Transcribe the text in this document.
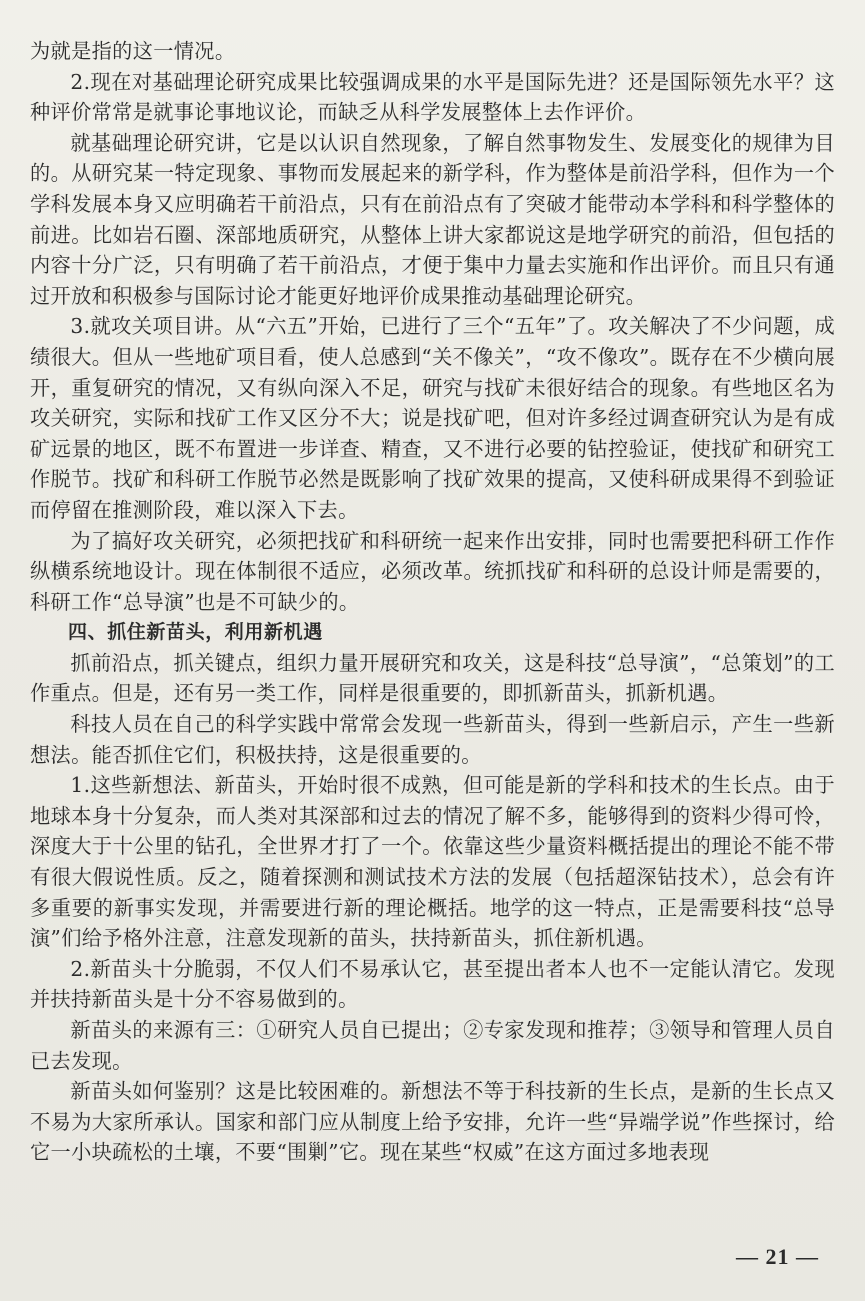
为就是指的这一情况。

2.现在对基础理论研究成果比较强调成果的水平是国际先进？还是国际领先水平？这种评价常常是就事论事地议论，而缺乏从科学发展整体上去作评价。

就基础理论研究讲，它是以认识自然现象，了解自然事物发生、发展变化的规律为目的。从研究某一特定现象、事物而发展起来的新学科，作为整体是前沿学科，但作为一个学科发展本身又应明确若干前沿点，只有在前沿点有了突破才能带动本学科和科学整体的前进。比如岩石圈、深部地质研究，从整体上讲大家都说这是地学研究的前沿，但包括的内容十分广泛，只有明确了若干前沿点，才便于集中力量去实施和作出评价。而且只有通过开放和积极参与国际讨论才能更好地评价成果推动基础理论研究。

3.就攻关项目讲。从“六五”开始，已进行了三个“五年”了。攻关解决了不少问题，成绩很大。但从一些地矿项目看，使人总感到“关不像关”，“攻不像攻”。既存在不少横向展开，重复研究的情况，又有纵向深入不足，研究与找矿未很好结合的现象。有些地区名为攻关研究，实际和找矿工作又区分不大；说是找矿吧，但对许多经过调查研究认为是有成矿远景的地区，既不布置进一步详查、精查，又不进行必要的钻控验证，使找矿和研究工作脱节。找矿和科研工作脱节必然是既影响了找矿效果的提高，又使科研成果得不到验证而停留在推测阶段，难以深入下去。

为了搞好攻关研究，必须把找矿和科研统一起来作出安排，同时也需要把科研工作作纵横系统地设计。现在体制很不适应，必须改革。统抓找矿和科研的总设计师是需要的，科研工作“总导演”也是不可缺少的。

四、抓住新苗头，利用新机遇

抓前沿点，抓关键点，组织力量开展研究和攻关，这是科技“总导演”，“总策划”的工作重点。但是，还有另一类工作，同样是很重要的，即抓新苗头，抓新机遇。

科技人员在自己的科学实践中常常会发现一些新苗头，得到一些新启示，产生一些新想法。能否抓住它们，积极扶持，这是很重要的。

1.这些新想法、新苗头，开始时很不成熟，但可能是新的学科和技术的生长点。由于地球本身十分复杂，而人类对其深部和过去的情况了解不多，能够得到的资料少得可怜，深度大于十公里的钻孔，全世界才打了一个。依靠这些少量资料概括提出的理论不能不带有很大假说性质。反之，随着探测和测试技术方法的发展（包括超深钻技术），总会有许多重要的新事实发现，并需要进行新的理论概括。地学的这一特点，正是需要科技“总导演”们给予格外注意，注意发现新的苗头，扶持新苗头，抓住新机遇。

2.新苗头十分脆弱，不仅人们不易承认它，甚至提出者本人也不一定能认清它。发现并扶持新苗头是十分不容易做到的。

新苗头的来源有三：①研究人员自已提出；②专家发现和推荐；③领导和管理人员自已去发现。

新苗头如何鉴别？这是比较困难的。新想法不等于科技新的生长点，是新的生长点又不易为大家所承认。国家和部门应从制度上给予安排，允许一些“异端学说”作些探讨，给它一小块疏松的土壤，不要“围剿”它。现在某些“权威”在这方面过多地表现

— 21 —
